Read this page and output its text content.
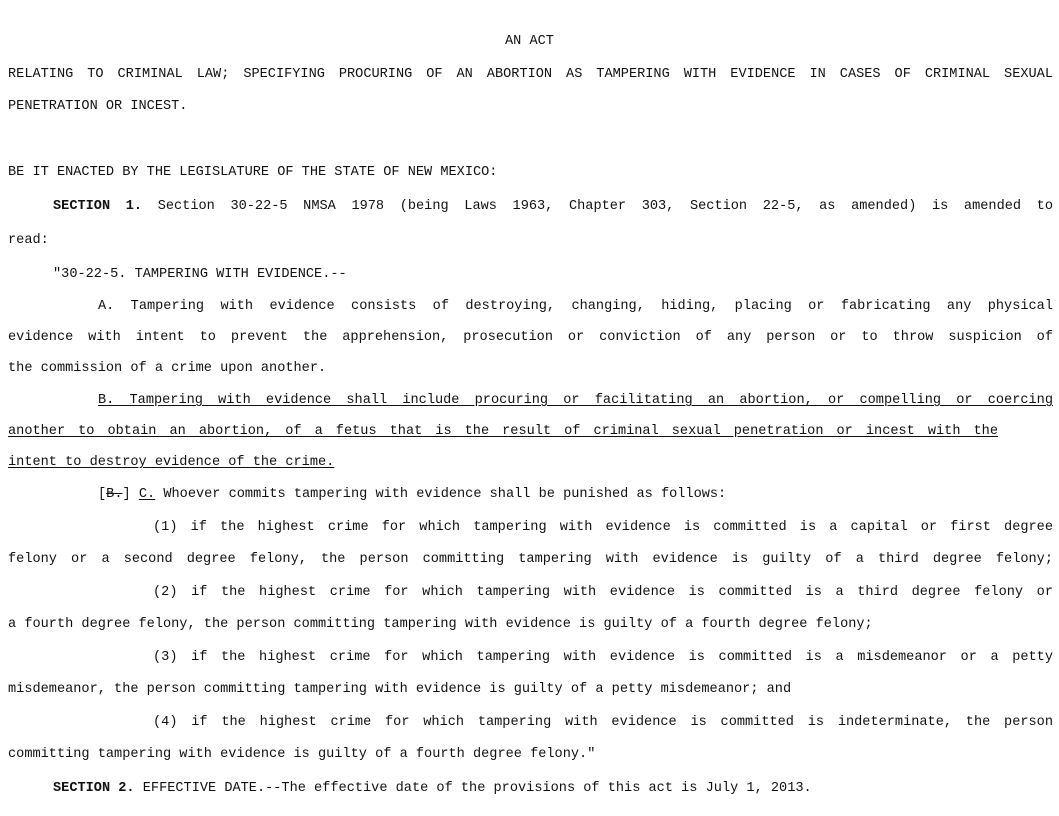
AN ACT
RELATING TO CRIMINAL LAW; SPECIFYING PROCURING OF AN ABORTION AS TAMPERING WITH EVIDENCE IN CASES OF CRIMINAL SEXUAL
PENETRATION OR INCEST.
BE IT ENACTED BY THE LEGISLATURE OF THE STATE OF NEW MEXICO:
SECTION 1. Section 30-22-5 NMSA 1978 (being Laws 1963, Chapter 303, Section 22-5, as amended) is amended to
read:
"30-22-5. TAMPERING WITH EVIDENCE.--
A. Tampering with evidence consists of destroying, changing, hiding, placing or fabricating any physical
evidence with intent to prevent the apprehension, prosecution or conviction of any person or to throw suspicion of
the commission of a crime upon another.
B. Tampering with evidence shall include procuring or facilitating an abortion, or compelling or coercing
another to obtain an abortion, of a fetus that is the result of criminal sexual penetration or incest with the
intent to destroy evidence of the crime.
[B.] C. Whoever commits tampering with evidence shall be punished as follows:
(1) if the highest crime for which tampering with evidence is committed is a capital or first degree
felony or a second degree felony, the person committing tampering with evidence is guilty of a third degree felony;
(2) if the highest crime for which tampering with evidence is committed is a third degree felony or
a fourth degree felony, the person committing tampering with evidence is guilty of a fourth degree felony;
(3) if the highest crime for which tampering with evidence is committed is a misdemeanor or a petty
misdemeanor, the person committing tampering with evidence is guilty of a petty misdemeanor; and
(4) if the highest crime for which tampering with evidence is committed is indeterminate, the person
committing tampering with evidence is guilty of a fourth degree felony."
SECTION 2. EFFECTIVE DATE.--The effective date of the provisions of this act is July 1, 2013.
